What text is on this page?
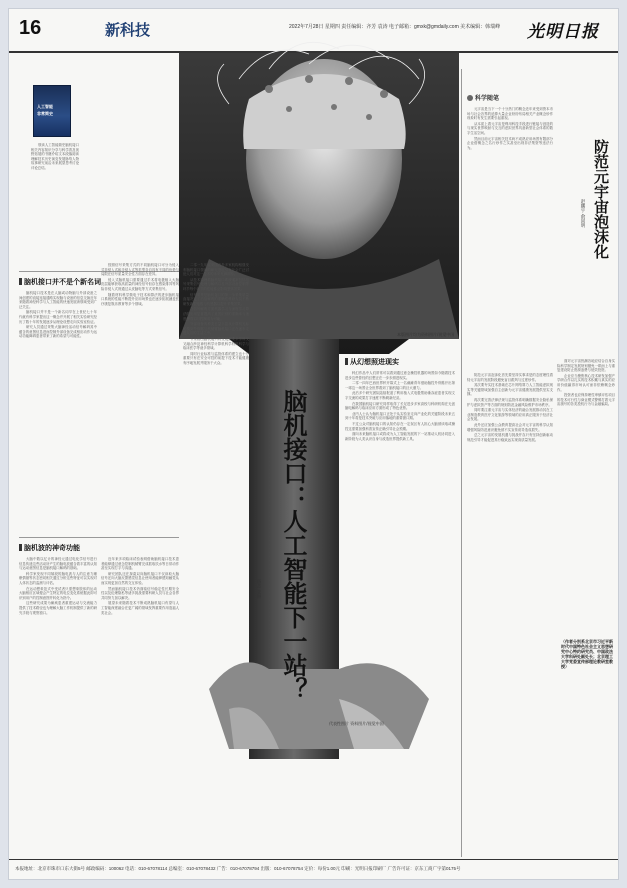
16	新科技	2022年7月28日 星期四 责任编辑：齐芳 袁涛 电子邮箱：gmxk@gmdaily.com 美术编辑：韩瑞峰 光明日报
人工智能
非常简史

领读人工智能简史脑机接口相关内容知识分享与科学普及视野拓展的书籍介绍文本段落阅读理解技术历史演变发展脉络人物故事研究前沿未来展望思考讨论评论总结。

脑机接口并不是个新名词

脑机接口技术是在人脑或动物脑与外部设备之间创建的直接连接通路实现脑与设备的信息交换近年来随着神经科学与人工智能的快速发展该领域受到广泛关注。

脑机接口并不是一个新名词早在上世纪七十年代就有科学家提出这一概念并开展了相关实验研究经历了数十年的发展逐步从理论设想走向实验室验证。

研究人员通过采集大脑神经活动信号解码其中蕴含的意图信息进而控制外部设备完成相应动作为运动功能障碍患者带来了新的希望与可能性。

按照信号采集方式的不同脑机接口可分为侵入式非侵入式和半侵入式等类型各自具有不同的优势与局限在信号质量安全性方面存在差异。

侵入式脑机接口需要通过手术将电极植入大脑皮层能够获取高质量的神经信号但存在感染排异等风险非侵入式则通过头皮脑电等方式采集信号。

随着材料科学微电子技术和算法的进步脑机接口系统的性能不断提升应用场景也在逐步拓展涵盖医疗康复娱乐教育等多个领域。

脑机波的神奇功能

大脑中数以亿计的神经元通过电化学信号进行信息传递这些活动所产生的脑电波蕴含着丰富的认知与运动意图信息是脑机接口解码的基础。

科学家发现不同频段的脑电波与人的注意力睡眠情绪等状态密切相关通过分析这些特征可以实现对人体状态的监测与评估。

在运动想象范式中受试者只需想象肢体的运动大脑相应区域便会产生特定的电位变化系统据此即可识别用户的控制意图并转化为指令。

这些研究成果为瘫痪患者重建运动与交流能力提供了技术路径也为理解大脑工作机制提供了新的研究手段与观察窗口。

近年来多项临床试验表明借助脑机接口技术患者能够通过意念控制机械臂完成抓取饮水等日常动作甚至实现打字与沟通。

研究团队还在探索双向脑机接口不仅读取大脑信号还向大脑反馈感觉信息让使用者能够感知触觉从而实现更加自然的交互体验。

然而脑机接口技术仍面临信号稳定性长期安全性以及伦理隐私等诸多挑战需要科研人员与社会各界共同努力加以解决。

展望未来随着技术不断成熟脑机接口有望与人工智能深度融合在更广阔的领域发挥重要作用造福人类社会。

二零一九年以来国内外多家机构相继发布脑机接口领域的研究进展引发社会广泛讨论人们对这一技术的未来充满期待。

从技术原理看脑机接口系统通常包括信号采集信号处理与解码以及外部设备控制等环节每个环节的性能都会影响整体效果。

信号采集是脑机接口的第一步采集质量直接决定了后续解码的准确性科研人员不断研发新型电极与传感器以提升采集效果。

在信号解码方面机器学习与深度学习算法的应用显著提高了意图识别的准确率与速度使得实时控制成为可能。

外部设备的种类日益丰富从计算机光标轮椅到外骨骼与机械臂脑机接口正在逐步走进人们的生活之中。

专家指出脑机接口的发展需要多学科交叉融合涉及神经科学计算机科学材料科学与临床医学等诸多领域。

同时行业标准与监管体系的建立也十分重要只有在安全可控的前提下技术才能健康有序地发展并服务于大众。

脑机接口：人工智能下一站？
杨杰 张洲
本版图片均为资料图片/视觉中国
从幻想照进现实

科幻作品中人们常常可以看到通过意念操控机器的场景如今随着技术进步这些曾经的幻想正在一步步照进现实。

二零一四年巴西世界杯开幕式上一名截瘫青年借助脑控外骨骼开出第一球这一场景让全世界看到了脑机接口的巨大潜力。

此后多个研究团队陆续报道了利用植入式电极帮助渐冻症患者实现文字交流的成果打字速度不断刷新纪录。

在我国脑机接口研究同样取得了长足进步多家高校与科研机构在无创脑电解码与临床应用方面形成了特色优势。

业内人士认为脑机接口正处于从实验室走向产业化的关键阶段未来五到十年将是技术突破与应用落地的重要窗口期。

不过公众对脑机接口的认知仍存在一定误区有人担心大脑被读取或操控这需要加强科普宣传正确引导社会预期。

面向未来脑机接口或将成为人工智能发展的下一站推动人机协同进入新阶段为人类认识自身与改造世界提供新工具。

代表性图片 资料图片/视觉中国
科学随笔
防范元宇宙泡沫化
赵鹏宇 俞固明

元宇宙是当下一个十分热门的概念近年来受到资本市场与社会各界的追捧大量企业纷纷布局相关产业概念炒作现象时有发生需要引起重视。

从本质上看元宇宙是利用科技手段进行链接与创造的与现实世界映射与交互的虚拟世界具备新型社会体系的数字生活空间。

然而目前元宇宙相关技术尚不成熟应用场景有限部分企业借概念之名行炒作之实甚至出现非法集资等违法行为。

防范元宇宙泡沫化首先要坚持实事求是的态度理性看待元宇宙的发展阶段避免盲目跟风与过度炒作。

其次要夯实技术基础在芯片网络算力人工智能虚拟现实等关键领域加强自主创新为元宇宙健康发展提供坚实支撑。

再次要完善法律法规与监管体系明确数据安全隐私保护与虚拟资产等方面的规则防范金融风险维护市场秩序。

同时要注重元宇宙与实体经济的融合发展推动其在工业制造教育医疗文化旅游等领域的应用真正服务于经济社会发展。

此外还应加强公众教育提高社会对元宇宙的科学认知增强风险防范意识避免被不实宣传误导造成损失。

总之元宇宙的发展机遇与挑战并存只有坚持创新驱动规范引导才能促进其行稳致远实现高质量发展。

面对元宇宙热潮各地应结合自身实际科学制定发展规划避免一哄而上与重复建设防止资源浪费与低效投资。

企业应当聚焦核心技术研发加强产学研合作以扎实的技术积累与真实的应用价值赢得市场认可而非依赖概念炒作。

投资者也应保持理性审慎评估项目的技术可行性与商业模式警惕打着元宇宙旗号的各类投机行为与金融骗局。

（作者分别系北京市习近平新时代中国特色社会主义思想研究中心特约研究员、中国政法大学科研处副处长；北京理工大学党委宣传部理论教研室教授）
本报地址：北京市珠市口东大街5号 邮政编码：100062 电话：010-67078114 总编室：010-67078432 广告：010-67078794 出版：010-67078754 定价：每份1.00元 印刷：光明日报印刷厂 广告许可证：京东工商广字第0175号
